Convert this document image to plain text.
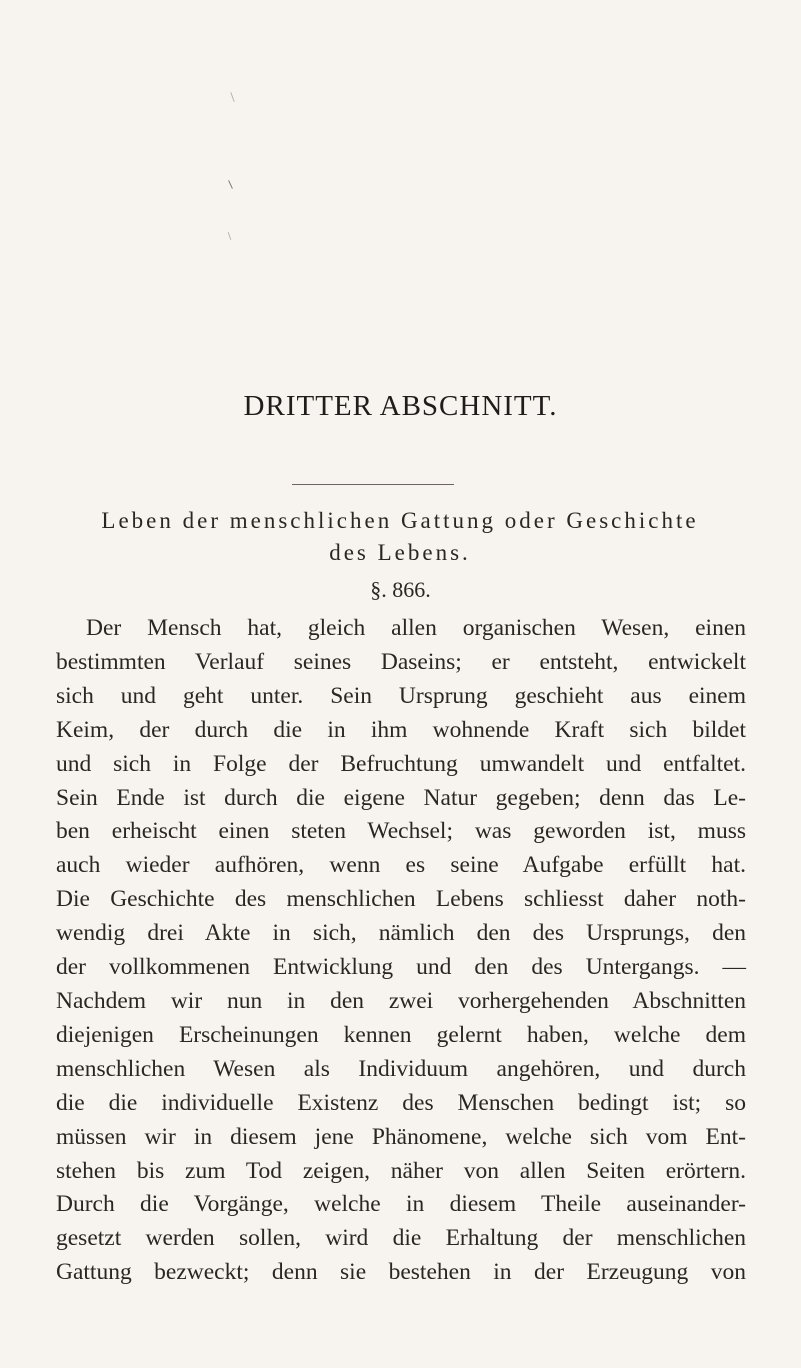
DRITTER ABSCHNITT.
Leben der menschlichen Gattung oder Geschichte
des Lebens.
§. 866.
Der Mensch hat, gleich allen organischen Wesen, einen
bestimmten Verlauf seines Daseins; er entsteht, entwickelt
sich und geht unter. Sein Ursprung geschieht aus einem
Keim, der durch die in ihm wohnende Kraft sich bildet
und sich in Folge der Befruchtung umwandelt und entfaltet.
Sein Ende ist durch die eigene Natur gegeben; denn das Le-
ben erheischt einen steten Wechsel; was geworden ist, muss
auch wieder aufhören, wenn es seine Aufgabe erfüllt hat.
Die Geschichte des menschlichen Lebens schliesst daher noth-
wendig drei Akte in sich, nämlich den des Ursprungs, den
der vollkommenen Entwicklung und den des Untergangs. —
Nachdem wir nun in den zwei vorhergehenden Abschnitten
diejenigen Erscheinungen kennen gelernt haben, welche dem
menschlichen Wesen als Individuum angehören, und durch
die die individuelle Existenz des Menschen bedingt ist; so
müssen wir in diesem jene Phänomene, welche sich vom Ent-
stehen bis zum Tod zeigen, näher von allen Seiten erörtern.
Durch die Vorgänge, welche in diesem Theile auseinander-
gesetzt werden sollen, wird die Erhaltung der menschlichen
Gattung bezweckt; denn sie bestehen in der Erzeugung von
